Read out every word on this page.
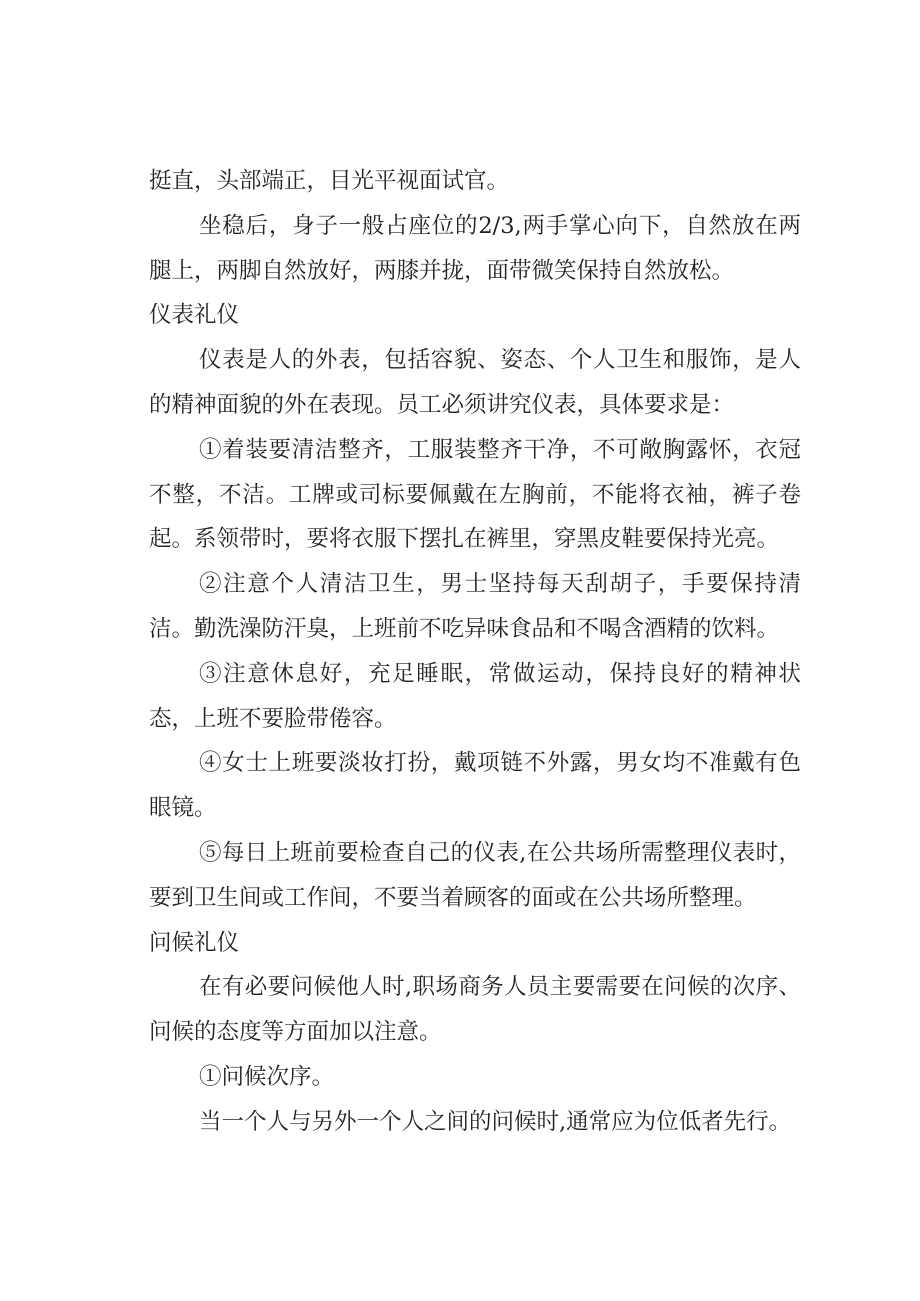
挺直，头部端正，目光平视面试官。

坐稳后，身子一般占座位的2/3,两手掌心向下，自然放在两腿上，两脚自然放好，两膝并拢，面带微笑保持自然放松。

仪表礼仪

仪表是人的外表，包括容貌、姿态、个人卫生和服饰，是人的精神面貌的外在表现。员工必须讲究仪表，具体要求是：

①着装要清洁整齐，工服装整齐干净，不可敞胸露怀，衣冠不整，不洁。工牌或司标要佩戴在左胸前，不能将衣袖，裤子卷起。系领带时，要将衣服下摆扎在裤里，穿黑皮鞋要保持光亮。

②注意个人清洁卫生，男士坚持每天刮胡子，手要保持清洁。勤洗澡防汗臭，上班前不吃异味食品和不喝含酒精的饮料。

③注意休息好，充足睡眠，常做运动，保持良好的精神状态，上班不要脸带倦容。

④女士上班要淡妆打扮，戴项链不外露，男女均不准戴有色眼镜。

⑤每日上班前要检查自己的仪表,在公共场所需整理仪表时，要到卫生间或工作间，不要当着顾客的面或在公共场所整理。

问候礼仪

在有必要问候他人时,职场商务人员主要需要在问候的次序、问候的态度等方面加以注意。

①问候次序。

当一个人与另外一个人之间的问候时,通常应为位低者先行。
